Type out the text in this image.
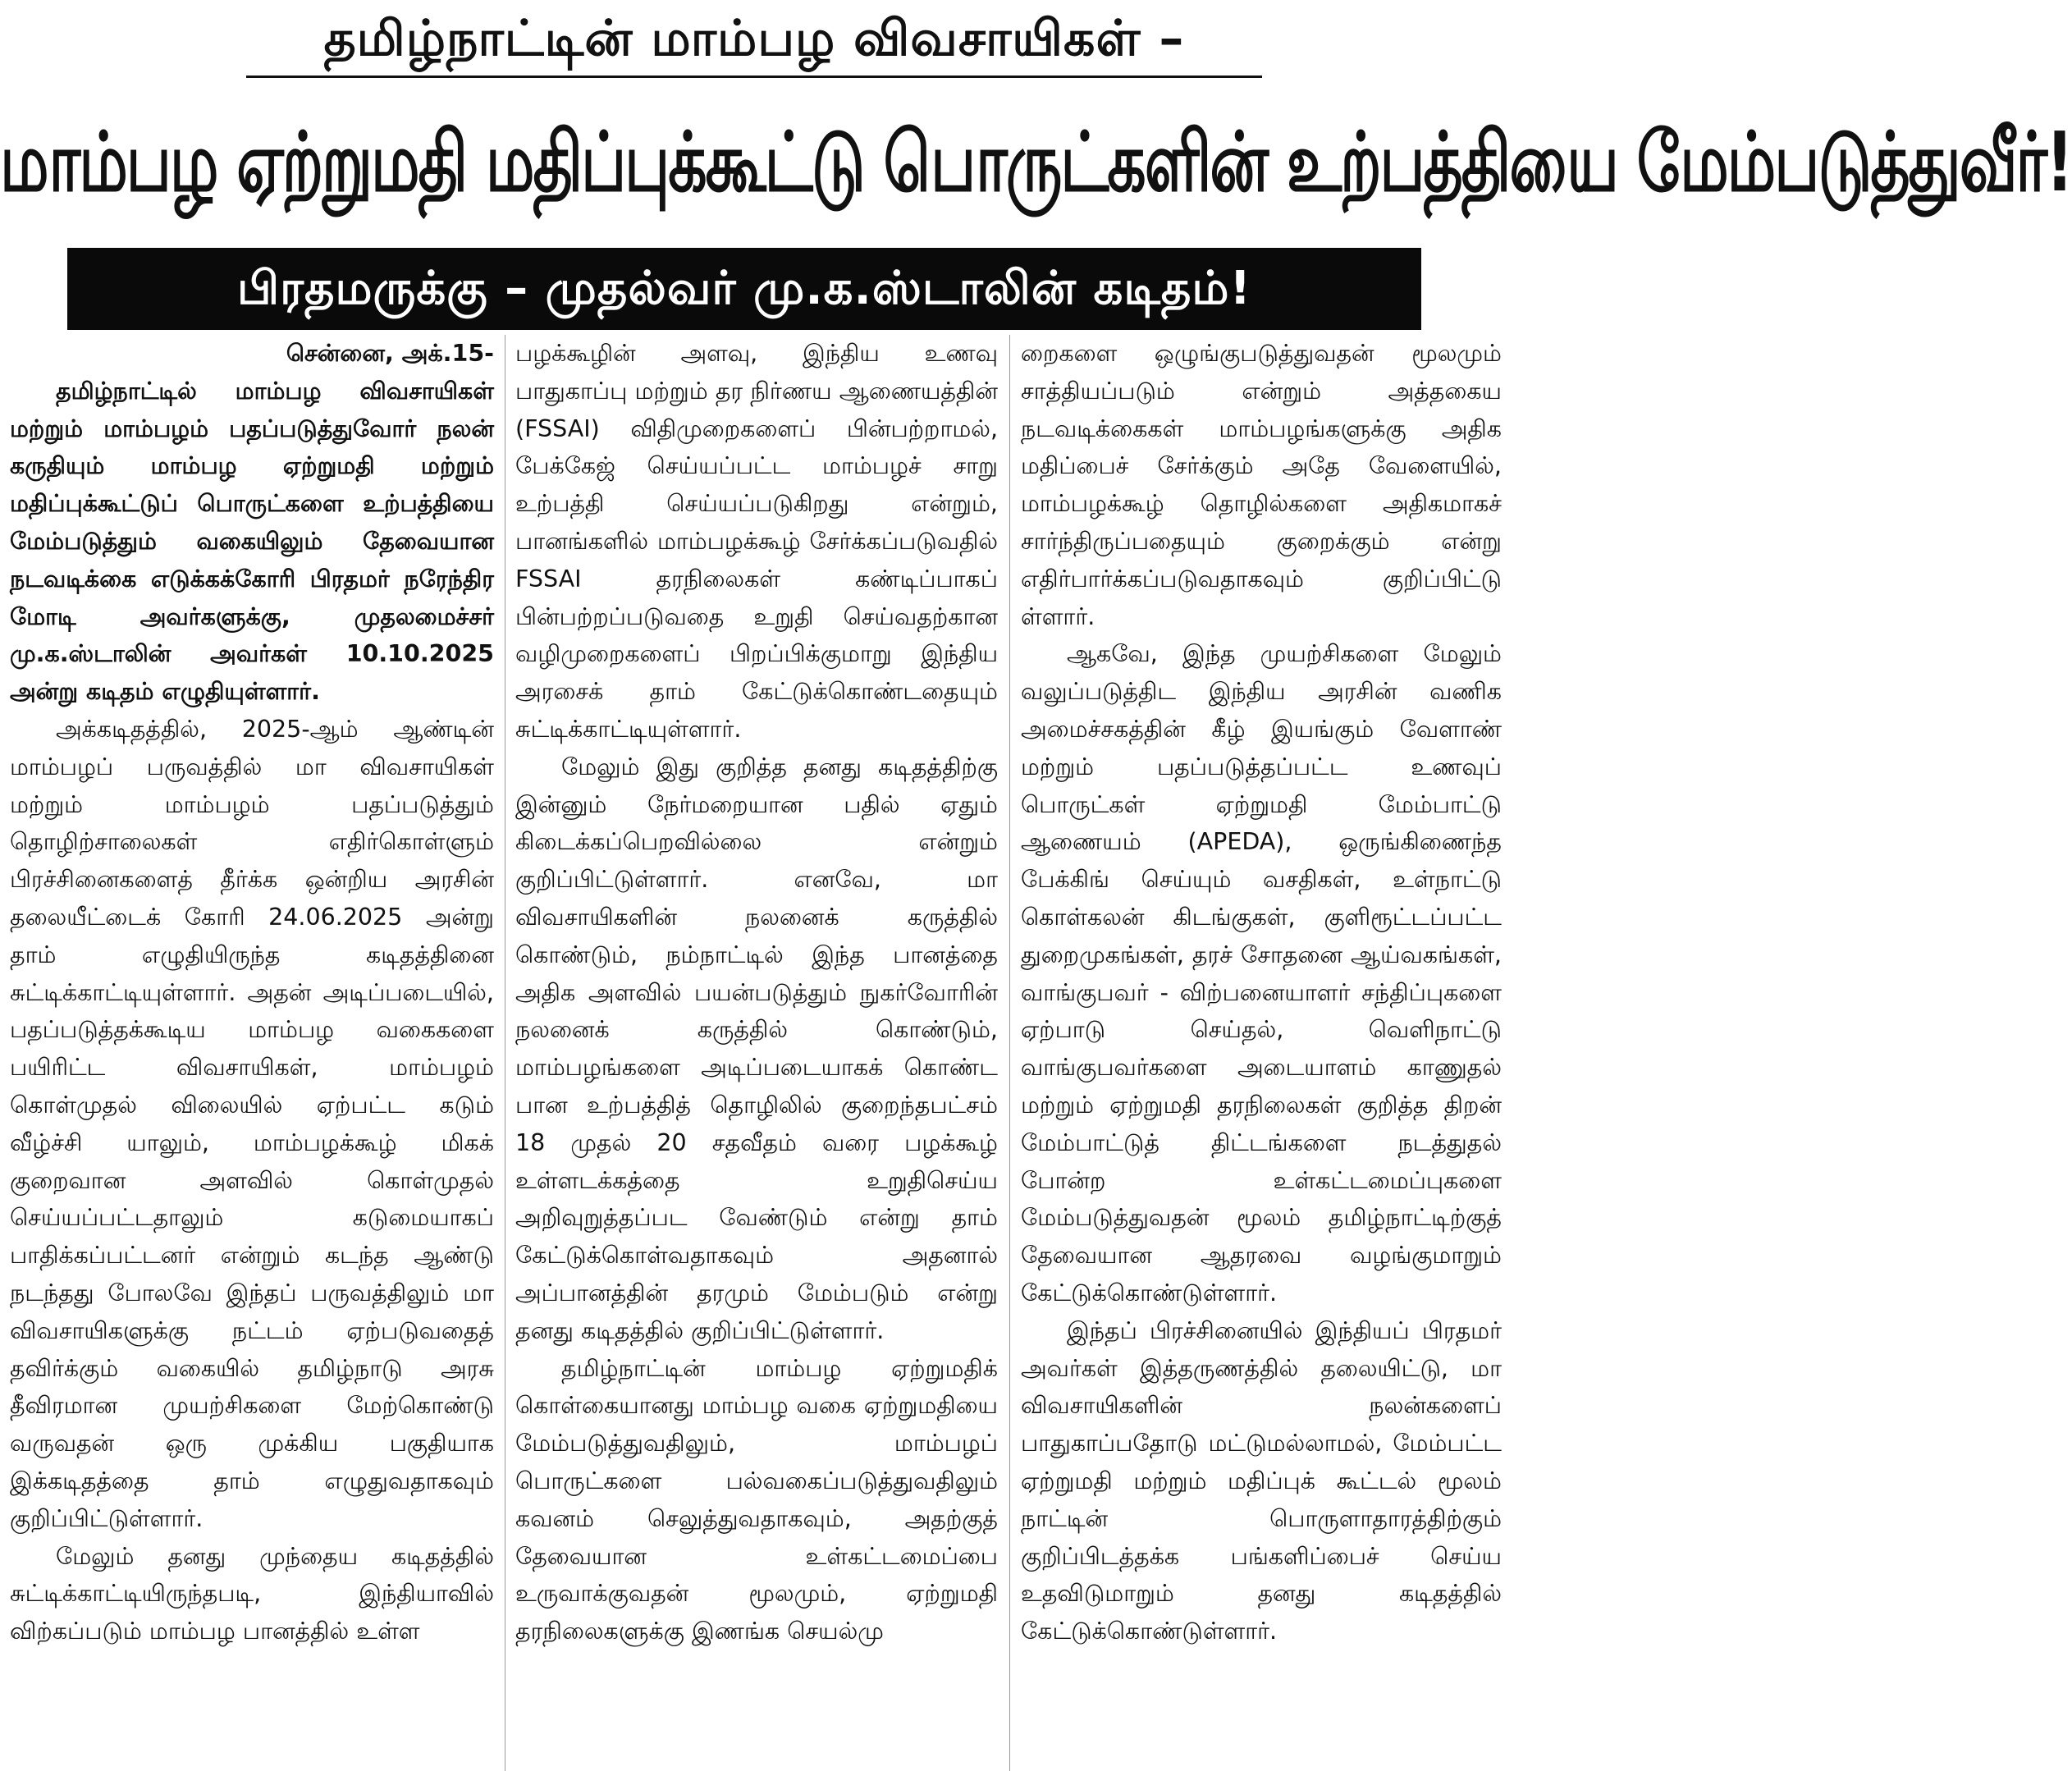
தமிழ்நாட்டின் மாம்பழ விவசாயிகள் –
மாம்பழ ஏற்றுமதி மதிப்புக்கூட்டு பொருட்களின் உற்பத்தியை மேம்படுத்துவீர்!
பிரதமருக்கு – முதல்வர் மு.க.ஸ்டாலின் கடிதம்!

சென்னை, அக்.15-

தமிழ்நாட்டில் மாம்பழ விவசாயிகள் மற்றும் மாம்பழம் பதப்படுத்துவோர் நலன் கருதியும் மாம்பழ ஏற்றுமதி மற்றும் மதிப்புக்கூட்டுப் பொருட்களை உற்பத்தியை மேம்படுத்தும் வகையிலும் தேவையான நடவடிக்கை எடுக்கக்கோரி பிரதமர் நரேந்திர மோடி அவர்களுக்கு, முதலமைச்சர் மு.க.ஸ்டாலின் அவர்கள் 10.10.2025 அன்று கடிதம் எழுதியுள்ளார்.

அக்கடிதத்தில், 2025-ஆம் ஆண்டின் மாம்பழப் பருவத்தில் மா விவசாயிகள் மற்றும் மாம்பழம் பதப்படுத்தும் தொழிற்சாலைகள் எதிர்கொள்ளும் பிரச்சினைகளைத் தீர்க்க ஒன்றிய அரசின் தலையீட்டைக் கோரி 24.06.2025 அன்று தாம் எழுதியிருந்த கடிதத்தினை சுட்டிக்காட்டியுள்ளார். அதன் அடிப்படையில், பதப்படுத்தக்கூடிய மாம்பழ வகைகளை பயிரிட்ட விவசாயிகள், மாம்பழம் கொள்முதல் விலையில் ஏற்பட்ட கடும் வீழ்ச்சி யாலும், மாம்பழக்கூழ் மிகக் குறைவான அளவில் கொள்முதல் செய்யப்பட்டதாலும் கடுமையாகப் பாதிக்கப்பட்டனர் என்றும் கடந்த ஆண்டு நடந்தது போலவே இந்தப் பருவத்திலும் மா விவசாயிகளுக்கு நட்டம் ஏற்படுவதைத் தவிர்க்கும் வகையில் தமிழ்நாடு அரசு தீவிரமான முயற்சிகளை மேற்கொண்டு வருவதன் ஒரு முக்கிய பகுதியாக இக்கடிதத்தை தாம் எழுதுவதாகவும் குறிப்பிட்டுள்ளார்.

மேலும் தனது முந்தைய கடிதத்தில் சுட்டிக்காட்டியிருந்தபடி, இந்தியாவில் விற்கப்படும் மாம்பழ பானத்தில் உள்ள

பழக்கூழின் அளவு, இந்திய உணவு பாதுகாப்பு மற்றும் தர நிர்ணய ஆணையத்தின் (FSSAI) விதிமுறைகளைப் பின்பற்றாமல், பேக்கேஜ் செய்யப்பட்ட மாம்பழச் சாறு உற்பத்தி செய்யப்படுகிறது என்றும், பானங்களில் மாம்பழக்கூழ் சேர்க்கப்படுவதில் FSSAI தரநிலைகள் கண்டிப்பாகப் பின்பற்றப்படுவதை உறுதி செய்வதற்கான வழிமுறைகளைப் பிறப்பிக்குமாறு இந்திய அரசைக் தாம் கேட்டுக்கொண்டதையும் சுட்டிக்காட்டியுள்ளார்.

மேலும் இது குறித்த தனது கடிதத்திற்கு இன்னும் நேர்மறையான பதில் ஏதும் கிடைக்கப்பெறவில்லை என்றும் குறிப்பிட்டுள்ளார். எனவே, மா விவசாயிகளின் நலனைக் கருத்தில் கொண்டும், நம்நாட்டில் இந்த பானத்தை அதிக அளவில் பயன்படுத்தும் நுகர்வோரின் நலனைக் கருத்தில் கொண்டும், மாம்பழங்களை அடிப்படையாகக் கொண்ட பான உற்பத்தித் தொழிலில் குறைந்தபட்சம் 18 முதல் 20 சதவீதம் வரை பழக்கூழ் உள்ளடக்கத்தை உறுதிசெய்ய அறிவுறுத்தப்பட வேண்டும் என்று தாம் கேட்டுக்கொள்வதாகவும் அதனால் அப்பானத்தின் தரமும் மேம்படும் என்று தனது கடிதத்தில் குறிப்பிட்டுள்ளார்.

தமிழ்நாட்டின் மாம்பழ ஏற்றுமதிக் கொள்கையானது மாம்பழ வகை ஏற்றுமதியை மேம்படுத்துவதிலும், மாம்பழப் பொருட்களை பல்வகைப்படுத்துவதிலும் கவனம் செலுத்துவதாகவும், அதற்குத் தேவையான உள்கட்டமைப்பை உருவாக்குவதன் மூலமும், ஏற்றுமதி தரநிலைகளுக்கு இணங்க செயல்மு

றைகளை ஒழுங்குபடுத்துவதன் மூலமும் சாத்தியப்படும் என்றும் அத்தகைய நடவடிக்கைகள் மாம்பழங்களுக்கு அதிக மதிப்பைச் சேர்க்கும் அதே வேளையில், மாம்பழக்கூழ் தொழில்களை அதிகமாகச் சார்ந்திருப்பதையும் குறைக்கும் என்று எதிர்பார்க்கப்படுவதாகவும் குறிப்பிட்டு ள்ளார்.

ஆகவே, இந்த முயற்சிகளை மேலும் வலுப்படுத்திட இந்திய அரசின் வணிக அமைச்சகத்தின் கீழ் இயங்கும் வேளாண் மற்றும் பதப்படுத்தப்பட்ட உணவுப் பொருட்கள் ஏற்றுமதி மேம்பாட்டு ஆணையம் (APEDA), ஒருங்கிணைந்த பேக்கிங் செய்யும் வசதிகள், உள்நாட்டு கொள்கலன் கிடங்குகள், குளிரூட்டப்பட்ட துறைமுகங்கள், தரச் சோதனை ஆய்வகங்கள், வாங்குபவர் - விற்பனையாளர் சந்திப்புகளை ஏற்பாடு செய்தல், வெளிநாட்டு வாங்குபவர்களை அடையாளம் காணுதல் மற்றும் ஏற்றுமதி தரநிலைகள் குறித்த திறன் மேம்பாட்டுத் திட்டங்களை நடத்துதல் போன்ற உள்கட்டமைப்புகளை மேம்படுத்துவதன் மூலம் தமிழ்நாட்டிற்குத் தேவையான ஆதரவை வழங்குமாறும் கேட்டுக்கொண்டுள்ளார்.

இந்தப் பிரச்சினையில் இந்தியப் பிரதமர் அவர்கள் இத்தருணத்தில் தலையிட்டு, மா விவசாயிகளின் நலன்களைப் பாதுகாப்பதோடு மட்டுமல்லாமல், மேம்பட்ட ஏற்றுமதி மற்றும் மதிப்புக் கூட்டல் மூலம் நாட்டின் பொருளாதாரத்திற்கும் குறிப்பிடத்தக்க பங்களிப்பைச் செய்ய உதவிடுமாறும் தனது கடிதத்தில் கேட்டுக்கொண்டுள்ளார்.
